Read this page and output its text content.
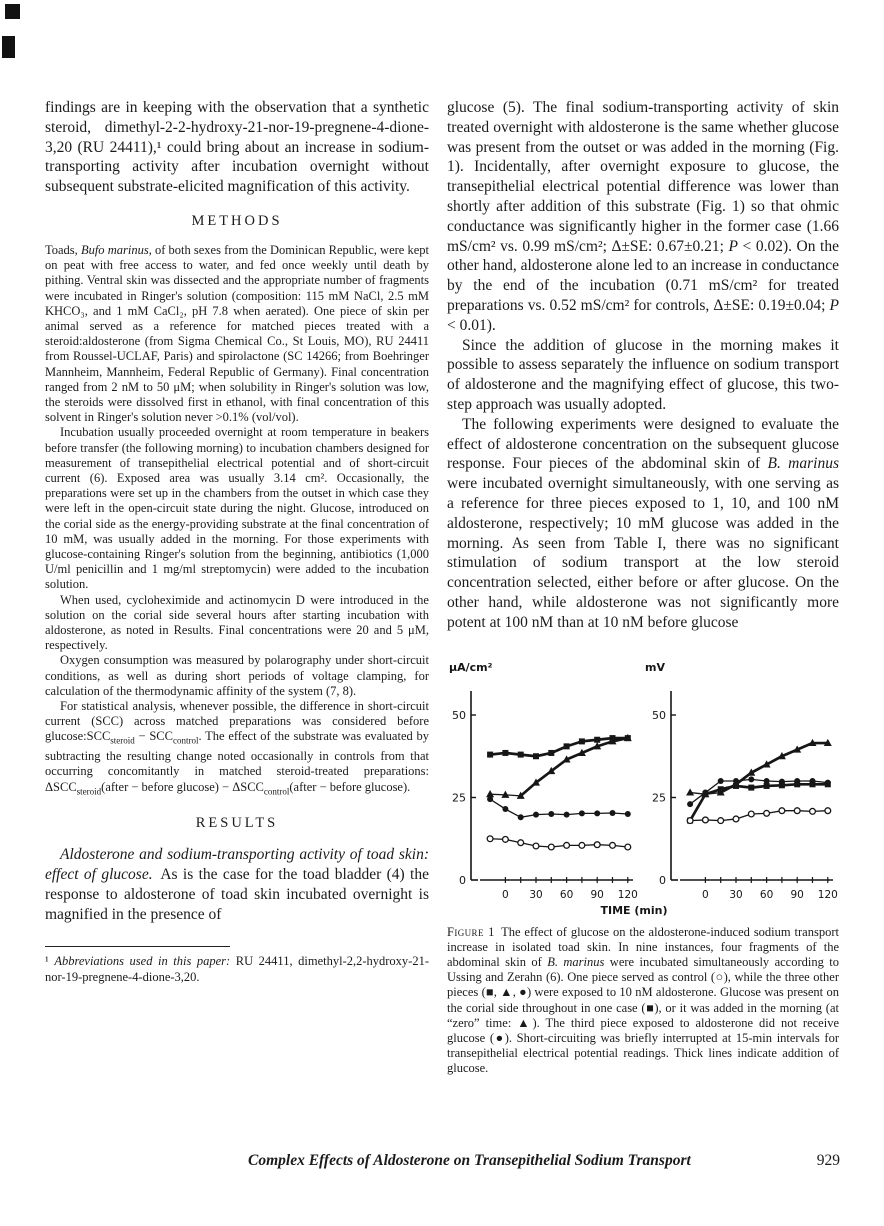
findings are in keeping with the observation that a synthetic steroid, dimethyl-2-2-hydroxy-21-nor-19-pregnene-4-dione-3,20 (RU 24411),¹ could bring about an increase in sodium-transporting activity after incubation overnight without subsequent substrate-elicited magnification of this activity.

METHODS

Toads, Bufo marinus, of both sexes from the Dominican Republic, were kept on peat with free access to water, and fed once weekly until death by pithing. Ventral skin was dissected and the appropriate number of fragments were incubated in Ringer's solution (composition: 115 mM NaCl, 2.5 mM KHCO₃, and 1 mM CaCl₂, pH 7.8 when aerated). One piece of skin per animal served as a reference for matched pieces treated with a steroid:aldosterone (from Sigma Chemical Co., St Louis, MO), RU 24411 from Roussel-UCLAF, Paris) and spirolactone (SC 14266; from Boehringer Mannheim, Mannheim, Federal Republic of Germany). Final concentration ranged from 2 nM to 50 μM; when solubility in Ringer's solution was low, the steroids were dissolved first in ethanol, with final concentration of this solvent in Ringer's solution never >0.1% (vol/vol).

Incubation usually proceeded overnight at room temperature in beakers before transfer (the following morning) to incubation chambers designed for measurement of transepithelial electrical potential and of short-circuit current (6). Exposed area was usually 3.14 cm². Occasionally, the preparations were set up in the chambers from the outset in which case they were left in the open-circuit state during the night. Glucose, introduced on the corial side as the energy-providing substrate at the final concentration of 10 mM, was usually added in the morning. For those experiments with glucose-containing Ringer's solution from the beginning, antibiotics (1,000 U/ml penicillin and 1 mg/ml streptomycin) were added to the incubation solution.

When used, cycloheximide and actinomycin D were introduced in the solution on the corial side several hours after starting incubation with aldosterone, as noted in Results. Final concentrations were 20 and 5 μM, respectively.

Oxygen consumption was measured by polarography under short-circuit conditions, as well as during short periods of voltage clamping, for calculation of the thermodynamic affinity of the system (7, 8).

For statistical analysis, whenever possible, the difference in short-circuit current (SCC) across matched preparations was considered before $glucose:SCC_{steroid} - SCC_{control}$. The effect of the substrate was evaluated by subtracting the resulting change noted occasionally in controls from that occurring concomitantly in matched steroid-treated preparations: $\Delta SCC_{steroid}(after$ − before $glucose) - \Delta SCC_{control}(after$ − before glucose).

RESULTS

Aldosterone and sodium-transporting activity of toad skin: effect of glucose. As is the case for the toad bladder (4) the response to aldosterone of toad skin incubated overnight is magnified in the presence of

¹ Abbreviations used in this paper: RU 24411, dimethyl-2,2-hydroxy-21-nor-19-pregnene-4-dione-3,20.

glucose (5). The final sodium-transporting activity of skin treated overnight with aldosterone is the same whether glucose was present from the outset or was added in the morning (Fig. 1). Incidentally, after overnight exposure to glucose, the transepithelial electrical potential difference was lower than shortly after addition of this substrate (Fig. 1) so that ohmic conductance was significantly higher in the former case (1.66 mS/cm² vs. 0.99 mS/cm²; Δ±SE: 0.67±0.21; P < 0.02). On the other hand, aldosterone alone led to an increase in conductance by the end of the incubation (0.71 mS/cm² for treated preparations vs. 0.52 mS/cm² for controls, Δ±SE: 0.19±0.04; P < 0.01).

Since the addition of glucose in the morning makes it possible to assess separately the influence on sodium transport of aldosterone and the magnifying effect of glucose, this two-step approach was usually adopted.

The following experiments were designed to evaluate the effect of aldosterone concentration on the subsequent glucose response. Four pieces of the abdominal skin of B. marinus were incubated overnight simultaneously, with one serving as a reference for three pieces exposed to 1, 10, and 100 nM aldosterone, respectively; 10 mM glucose was added in the morning. As seen from Table I, there was no significant stimulation of sodium transport at the low steroid concentration selected, either before or after glucose. On the other hand, while aldosterone was not significantly more potent at 100 nM than at 10 nM before glucose

μA/cm²
0
25
50
0 30 60 90 120
mV
0
25
50
0 30 60 90 120
TIME (min)

Figure 1 The effect of glucose on the aldosterone-induced sodium transport increase in isolated toad skin. In nine instances, four fragments of the abdominal skin of B. marinus were incubated simultaneously according to Ussing and Zerahn (6). One piece served as control (○), while the three other pieces (■, ▲, ●) were exposed to 10 nM aldosterone. Glucose was present on the corial side throughout in one case (■), or it was added in the morning (at “zero” time: ▲). The third piece exposed to aldosterone did not receive glucose (●). Short-circuiting was briefly interrupted at 15-min intervals for transepithelial electrical potential readings. Thick lines indicate addition of glucose.

Complex Effects of Aldosterone on Transepithelial Sodium Transport	929
